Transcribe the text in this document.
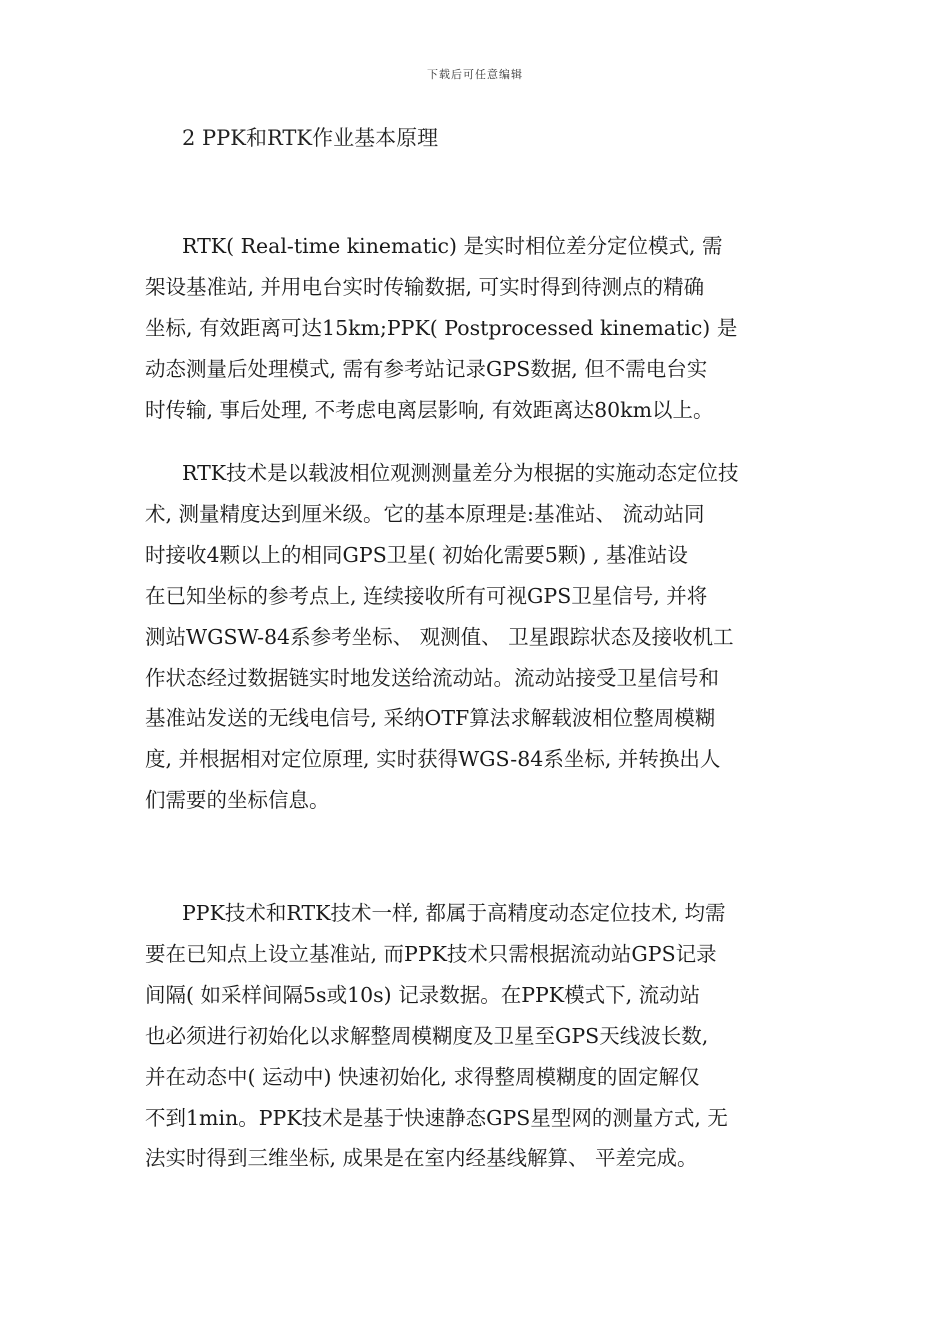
下载后可任意编辑
2 PPK和RTK作业基本原理
RTK( Real-time kinematic) 是实时相位差分定位模式, 需
架设基准站, 并用电台实时传输数据, 可实时得到待测点的精确
坐标, 有效距离可达15km;PPK( Postprocessed kinematic) 是
动态测量后处理模式, 需有参考站记录GPS数据, 但不需电台实
时传输, 事后处理, 不考虑电离层影响, 有效距离达80km以上。
RTK技术是以载波相位观测测量差分为根据的实施动态定位技
术, 测量精度达到厘米级。它的基本原理是:基准站、 流动站同
时接收4颗以上的相同GPS卫星( 初始化需要5颗) , 基准站设
在已知坐标的参考点上, 连续接收所有可视GPS卫星信号, 并将
测站WGSW-84系参考坐标、 观测值、 卫星跟踪状态及接收机工
作状态经过数据链实时地发送给流动站。流动站接受卫星信号和
基准站发送的无线电信号, 采纳OTF算法求解载波相位整周模糊
度, 并根据相对定位原理, 实时获得WGS-84系坐标, 并转换出人
们需要的坐标信息。
PPK技术和RTK技术一样, 都属于高精度动态定位技术, 均需
要在已知点上设立基准站, 而PPK技术只需根据流动站GPS记录
间隔( 如采样间隔5s或10s) 记录数据。在PPK模式下, 流动站
也必须进行初始化以求解整周模糊度及卫星至GPS天线波长数,
并在动态中( 运动中) 快速初始化, 求得整周模糊度的固定解仅
不到1min。PPK技术是基于快速静态GPS星型网的测量方式, 无
法实时得到三维坐标, 成果是在室内经基线解算、 平差完成。
